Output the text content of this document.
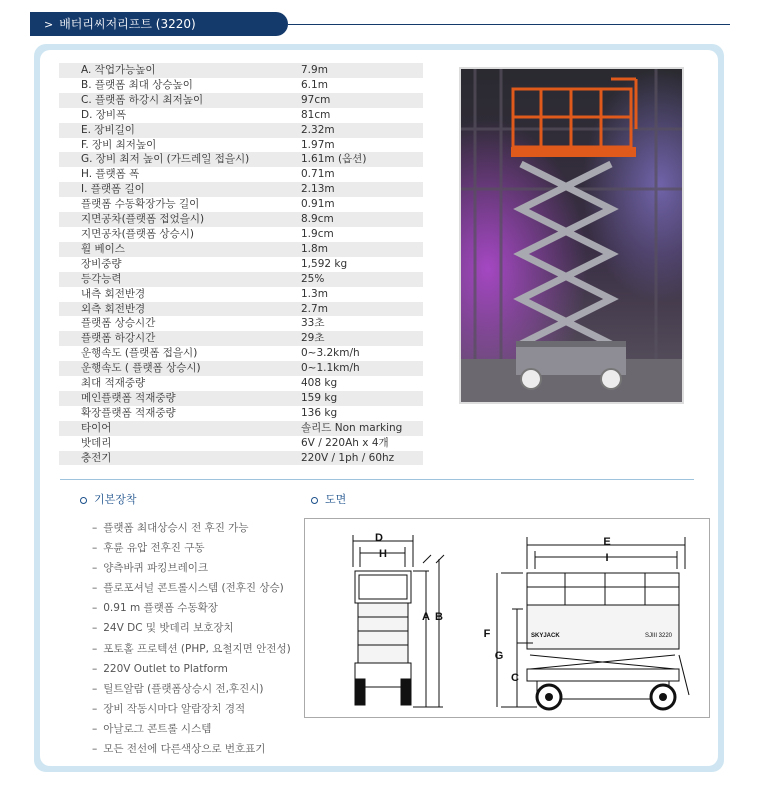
> 배터리씨저리프트 (3220)
A. 작업가능높이	7.9m
B. 플랫폼 최대 상승높이	6.1m
C. 플랫폼 하강시 최저높이	97cm
D. 장비폭	81cm
E. 장비길이	2.32m
F. 장비 최저높이	1.97m
G. 장비 최저 높이 (가드레일 접을시)	1.61m (옵션)
H. 플랫폼 폭	0.71m
I. 플랫폼 길이	2.13m
플랫폼 수동확장가능 길이	0.91m
지면공차(플랫폼 접었을시)	8.9cm
지면공차(플랫폼 상승시)	1.9cm
휠 베이스	1.8m
장비중량	1,592 kg
등각능력	25%
내측 회전반경	1.3m
외측 회전반경	2.7m
플랫폼 상승시간	33초
플랫폼 하강시간	29초
운행속도 (플랫폼 접을시)	0~3.2km/h
운행속도 ( 플랫폼 상승시)	0~1.1km/h
최대 적재중량	408 kg
메인플랫폼 적재중량	159 kg
확장플랫폼 적재중량	136 kg
타이어	솔리드 Non marking
밧데리	6V / 220Ah x 4개
충전기	220V / 1ph / 60hz
기본장착	도면
– 플랫폼 최대상승시 전 후진 가능
– 후륜 유압 전후진 구동
– 양측바퀴 파킹브레이크
– 플로포셔널 콘트롤시스템 (전후진 상승)
– 0.91 m 플랫폼 수동확장
– 24V DC 및 밧데리 보호장치
– 포토홀 프로텍션 (PHP, 요철지면 안전성)
– 220V Outlet to Platform
– 틸트알람 (플랫폼상승시 전,후진시)
– 장비 작동시마다 알람장치 경적
– 아날로그 콘트롤 시스템
– 모든 전선에 다른색상으로 번호표기
D
H
A B
E
I
F
G
C
SKYJACK	SJIII 3220
